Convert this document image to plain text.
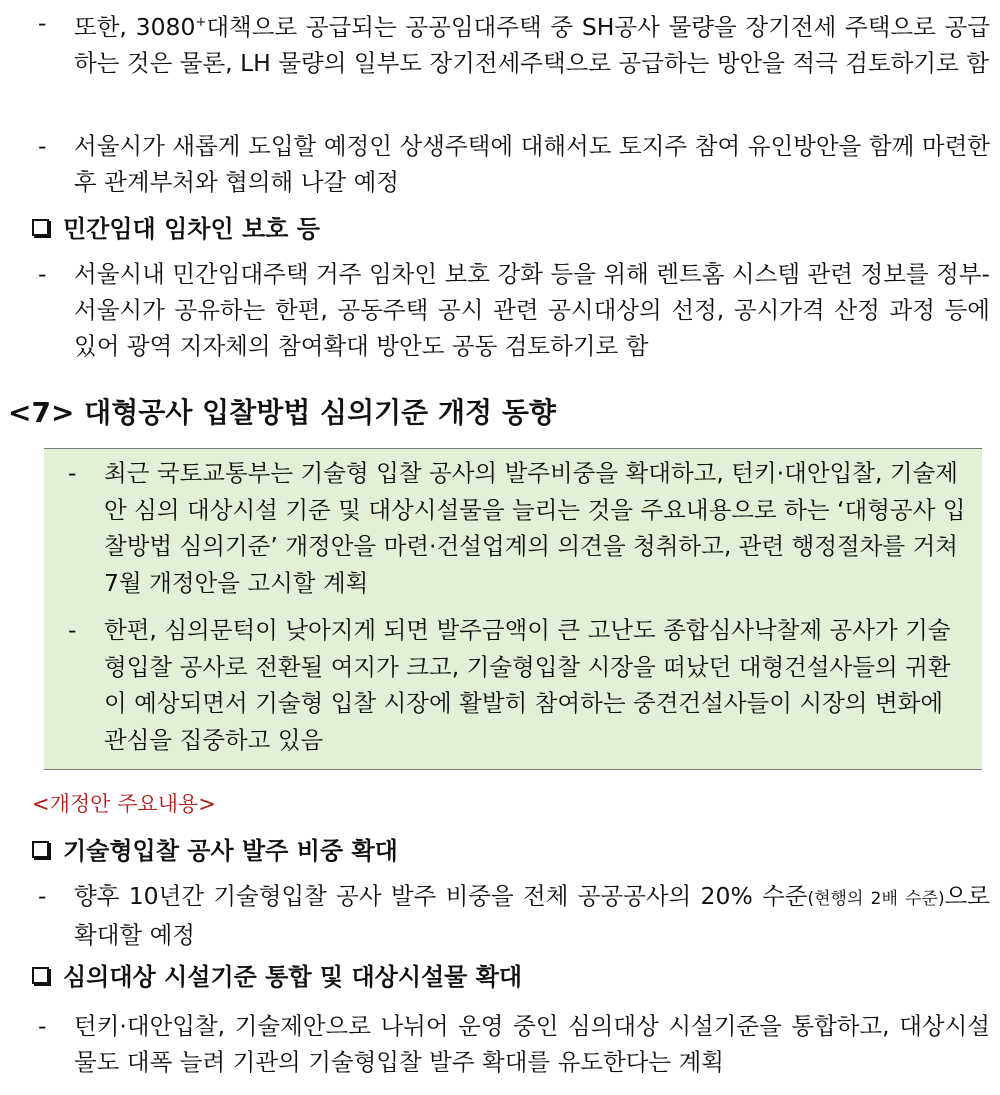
-	또한, 3080+대책으로 공급되는 공공임대주택 중 SH공사 물량을 장기전세 주택으로 공급하는 것은 물론, LH 물량의 일부도 장기전세주택으로 공급하는 방안을 적극 검토하기로 함
-	서울시가 새롭게 도입할 예정인 상생주택에 대해서도 토지주 참여 유인방안을 함께 마련한 후 관계부처와 협의해 나갈 예정
민간임대 임차인 보호 등
-	서울시내 민간임대주택 거주 임차인 보호 강화 등을 위해 렌트홈 시스템 관련 정보를 정부-서울시가 공유하는 한편, 공동주택 공시 관련 공시대상의 선정, 공시가격 산정 과정 등에 있어 광역 지자체의 참여확대 방안도 공동 검토하기로 함
<7> 대형공사 입찰방법 심의기준 개정 동향
-	최근 국토교통부는 기술형 입찰 공사의 발주비중을 확대하고, 턴키·대안입찰, 기술제안 심의 대상시설 기준 및 대상시설물을 늘리는 것을 주요내용으로 하는 ‘대형공사 입찰방법 심의기준’ 개정안을 마련·건설업계의 의견을 청취하고, 관련 행정절차를 거쳐 7월 개정안을 고시할 계획
-	한편, 심의문턱이 낮아지게 되면 발주금액이 큰 고난도 종합심사낙찰제 공사가 기술형입찰 공사로 전환될 여지가 크고, 기술형입찰 시장을 떠났던 대형건설사들의 귀환이 예상되면서 기술형 입찰 시장에 활발히 참여하는 중견건설사들이 시장의 변화에 관심을 집중하고 있음
<개정안 주요내용>
기술형입찰 공사 발주 비중 확대
-	향후 10년간 기술형입찰 공사 발주 비중을 전체 공공공사의 20% 수준(현행의 2배 수준)으로 확대할 예정
심의대상 시설기준 통합 및 대상시설물 확대
-	턴키·대안입찰, 기술제안으로 나뉘어 운영 중인 심의대상 시설기준을 통합하고, 대상시설물도 대폭 늘려 기관의 기술형입찰 발주 확대를 유도한다는 계획
